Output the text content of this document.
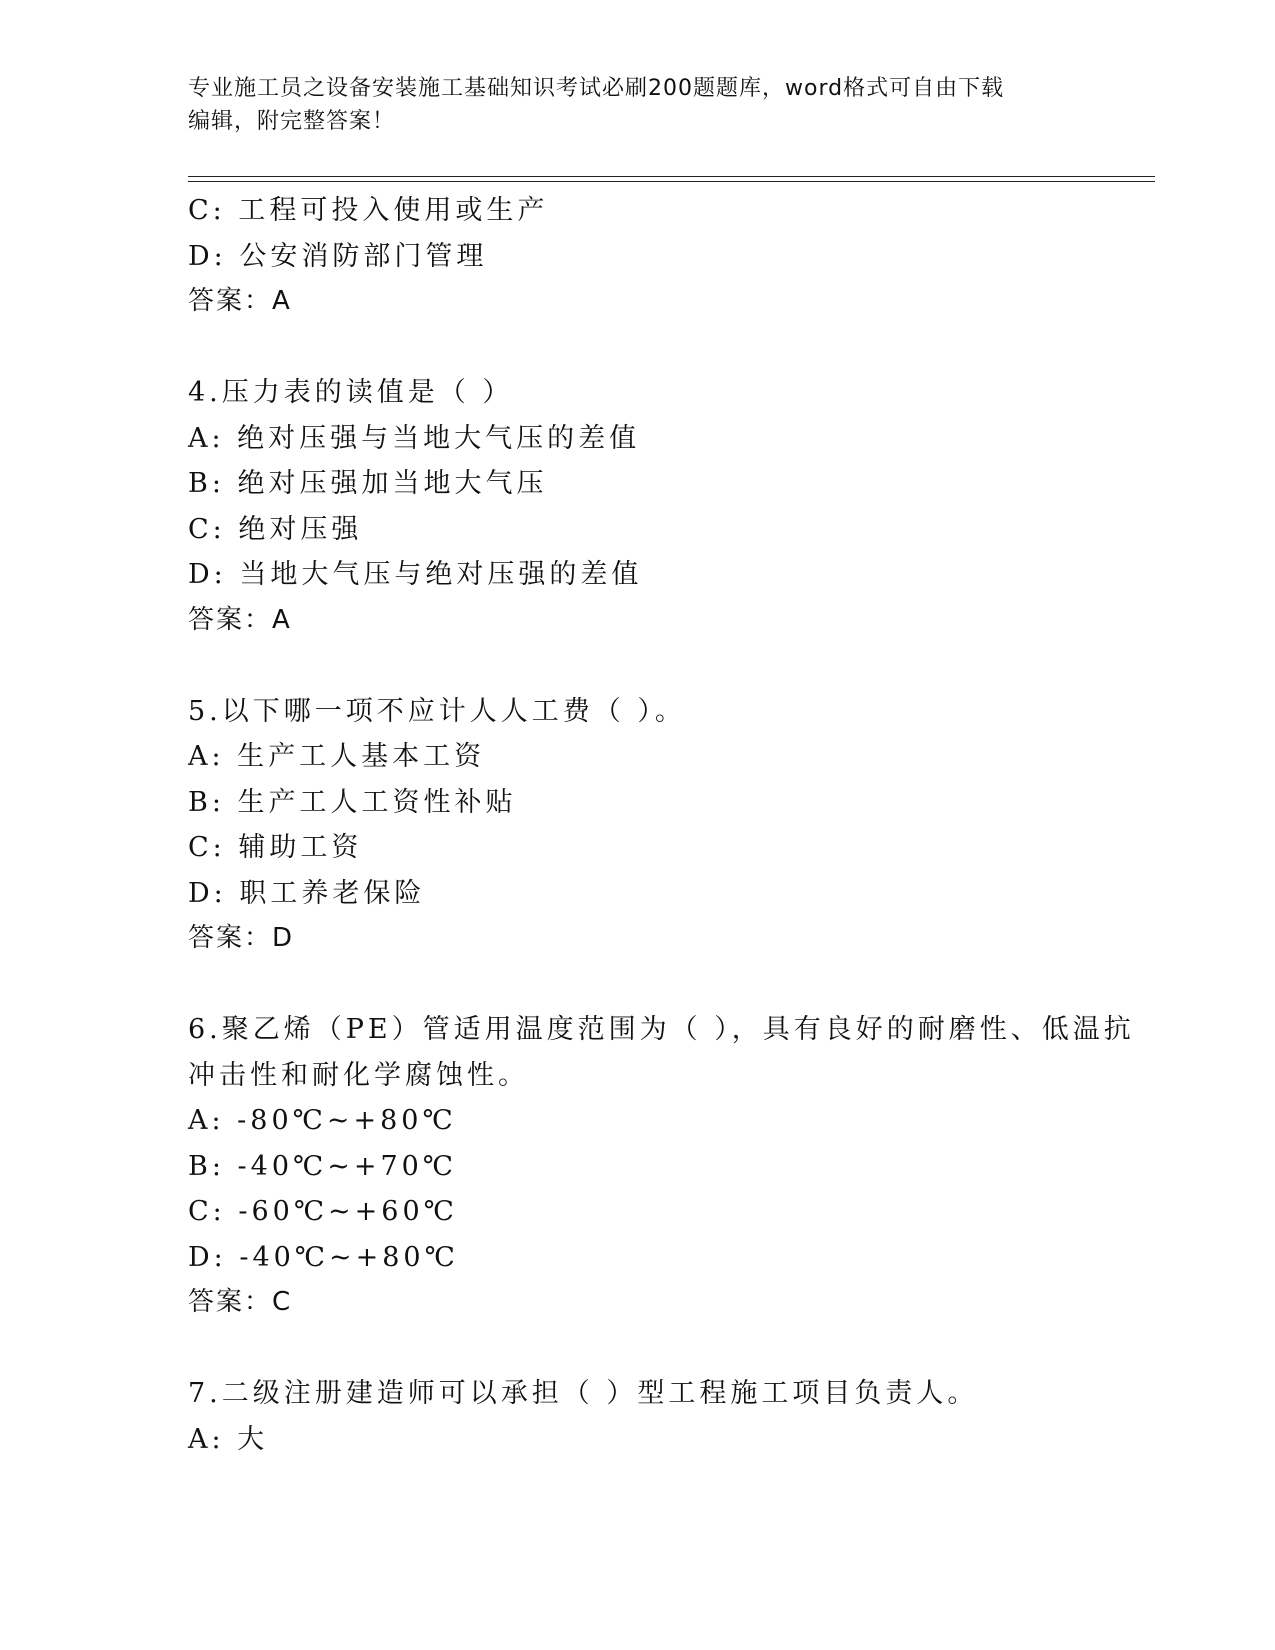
专业施工员之设备安装施工基础知识考试必刷200题题库，word格式可自由下载
编辑，附完整答案！
C: 工程可投入使用或生产
D: 公安消防部门管理
答案：A
4.压力表的读值是（ ）
A: 绝对压强与当地大气压的差值
B: 绝对压强加当地大气压
C: 绝对压强
D: 当地大气压与绝对压强的差值
答案：A
5.以下哪一项不应计人人工费（ ）。
A: 生产工人基本工资
B: 生产工人工资性补贴
C: 辅助工资
D: 职工养老保险
答案：D
6.聚乙烯（PE）管适用温度范围为（ ），具有良好的耐磨性、低温抗
冲击性和耐化学腐蚀性。
A: -80℃~+80℃
B: -40℃~+70℃
C: -60℃~+60℃
D: -40℃~+80℃
答案：C
7.二级注册建造师可以承担（ ）型工程施工项目负责人。
A: 大
